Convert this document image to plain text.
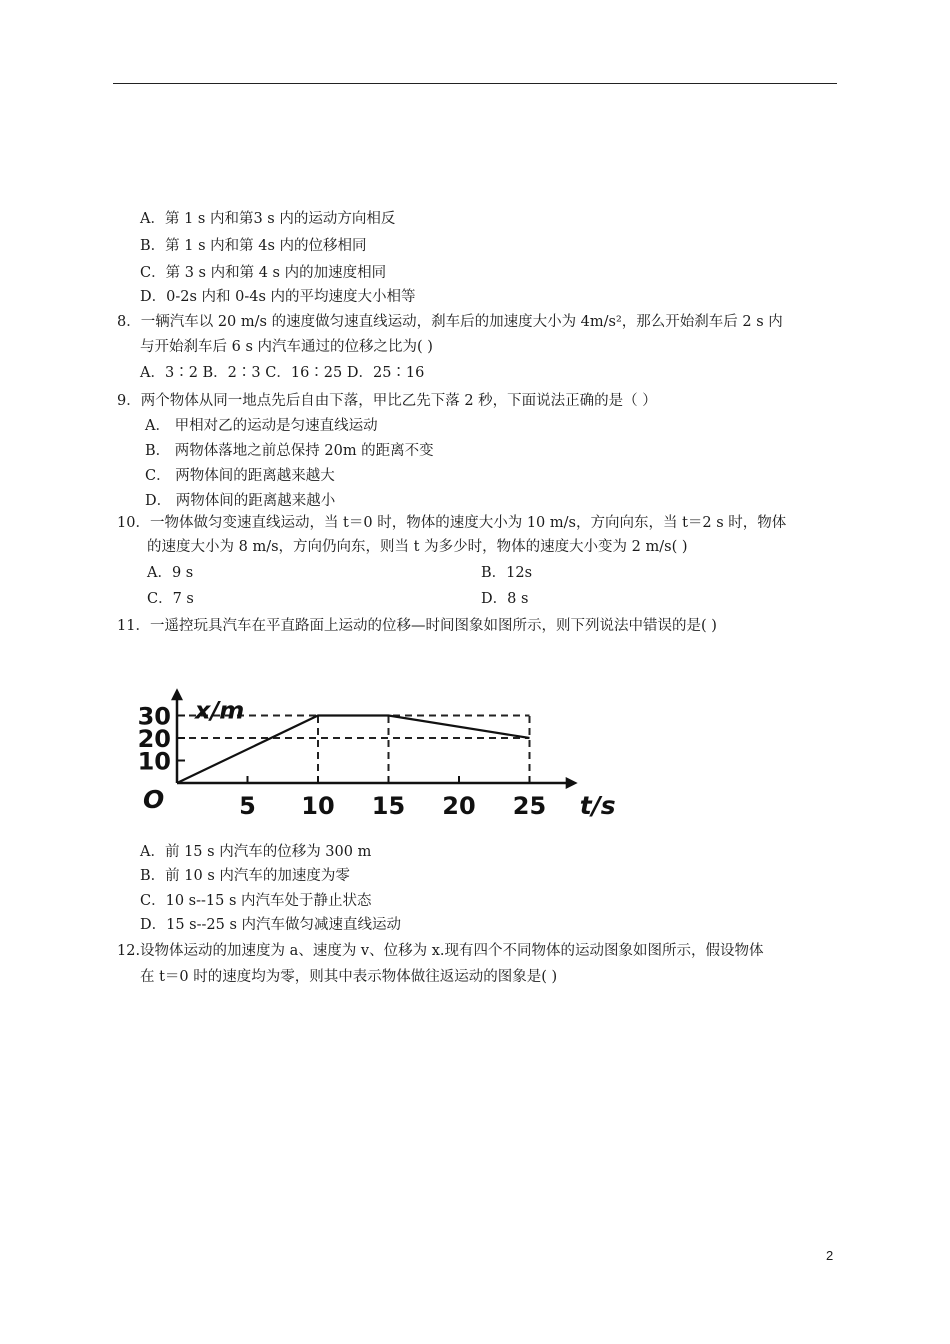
A．第 1 s 内和第3 s 内的运动方向相反
B．第 1 s 内和第 4s 内的位移相同
C．第 3 s 内和第 4 s 内的加速度相同
D．0-2s 内和 0-4s 内的平均速度大小相等
8．一辆汽车以 20 m/s 的速度做匀速直线运动，刹车后的加速度大小为 4m/s²，那么开始刹车后 2 s 内
与开始刹车后 6 s 内汽车通过的位移之比为( )
A．3∶2 B．2∶3 C．16∶25 D．25∶16
9．两个物体从同一地点先后自由下落，甲比乙先下落 2 秒，下面说法正确的是（ ）
A． 甲相对乙的运动是匀速直线运动
B． 两物体落地之前总保持 20m 的距离不变
C． 两物体间的距离越来越大
D． 两物体间的距离越来越小
10．一物体做匀变速直线运动，当 t＝0 时，物体的速度大小为 10 m/s，方向向东，当 t＝2 s 时，物体
的速度大小为 8 m/s，方向仍向东，则当 t 为多少时，物体的速度大小变为 2 m/s( )
A．9 s	B．12s
C．7 s	D．8 s
11．一遥控玩具汽车在平直路面上运动的位移—时间图象如图所示，则下列说法中错误的是( )
5 10 15 20 25
10
20
30
O
x/m
t/s
A．前 15 s 内汽车的位移为 300 m
B．前 10 s 内汽车的加速度为零
C．10 s--15 s 内汽车处于静止状态
D．15 s--25 s 内汽车做匀减速直线运动
12.设物体运动的加速度为 a、速度为 v、位移为 x.现有四个不同物体的运动图象如图所示，假设物体
在 t＝0 时的速度均为零，则其中表示物体做往返运动的图象是( )
2
